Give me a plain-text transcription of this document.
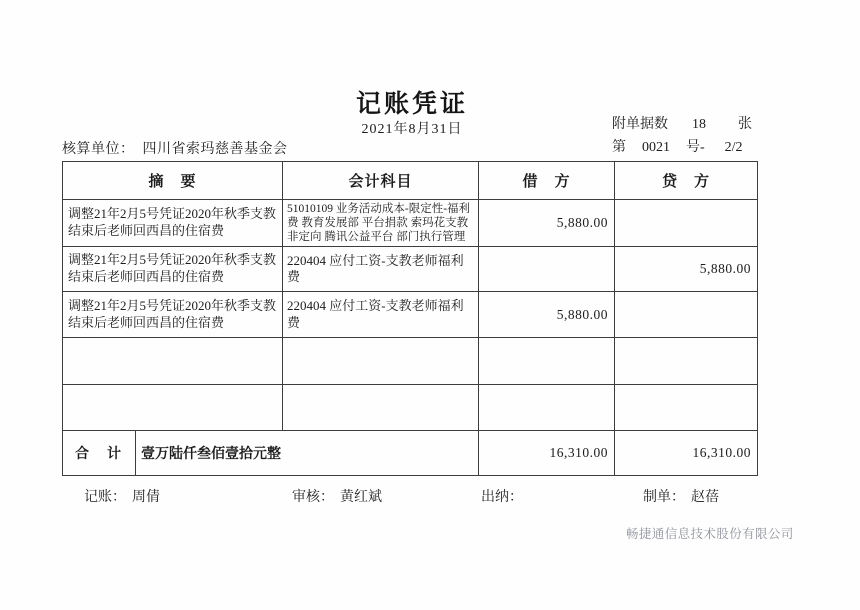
记账凭证
2021年8月31日	附单据数 18 张
第 0021 号- 2/2
核算单位： 四川省索玛慈善基金会
摘　要		会计科目	借　方	贷　方
调整21年2月5号凭证2020年秋季支教结束后老师回西昌的住宿费		51010109 业务活动成本-限定性-福利费 教育发展部 平台捐款 索玛花支教 非定向 腾讯公益平台 部门执行管理	5,880.00	
调整21年2月5号凭证2020年秋季支教结束后老师回西昌的住宿费		220404 应付工资-支教老师福利费		5,880.00
调整21年2月5号凭证2020年秋季支教结束后老师回西昌的住宿费		220404 应付工资-支教老师福利费	5,880.00	

合　计	壹万陆仟叁佰壹拾元整		16,310.00	16,310.00
记账： 周倩	审核： 黄红斌	出纳：	制单： 赵蓓
畅捷通信息技术股份有限公司
